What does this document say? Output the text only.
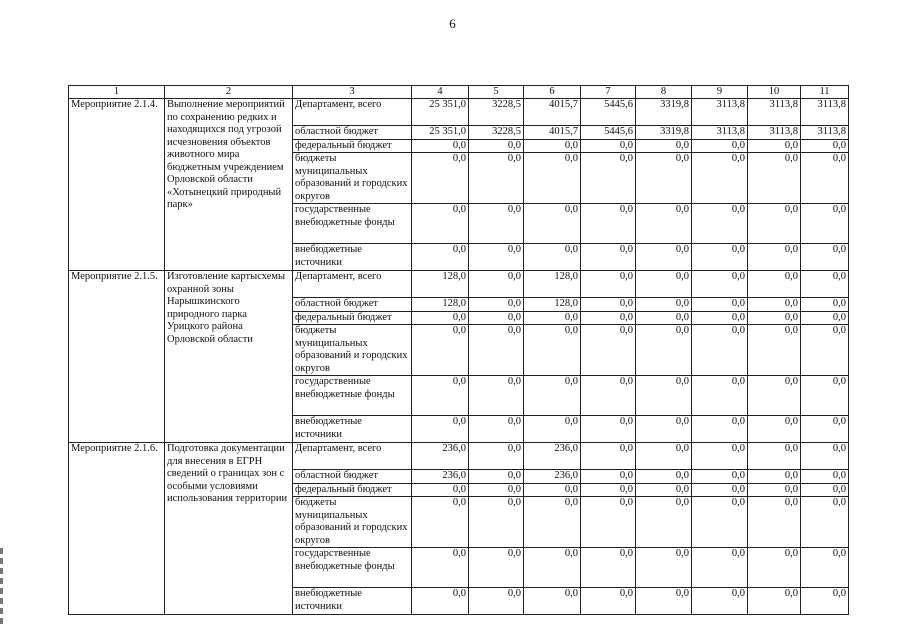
6
1	2	3	4	5	6	7	8	9	10	11
Мероприятие 2.1.4.	Выполнение мероприятий по сохранению редких и находящихся под угрозой исчезновения объектов животного мира бюджетным учреждением Орловской области «Хотынецкий природный парк»	Департамент, всего	25 351,0	3228,5	4015,7	5445,6	3319,8	3113,8	3113,8	3113,8
		областной бюджет	25 351,0	3228,5	4015,7	5445,6	3319,8	3113,8	3113,8	3113,8
		федеральный бюджет	0,0	0,0	0,0	0,0	0,0	0,0	0,0	0,0
		бюджеты муниципальных образований и городских округов	0,0	0,0	0,0	0,0	0,0	0,0	0,0	0,0
		государственные внебюджетные фонды	0,0	0,0	0,0	0,0	0,0	0,0	0,0	0,0
		внебюджетные источники	0,0	0,0	0,0	0,0	0,0	0,0	0,0	0,0
Мероприятие 2.1.5.	Изготовление картысхемы охранной зоны Нарышкинского природного парка Урицкого района Орловской области	Департамент, всего	128,0	0,0	128,0	0,0	0,0	0,0	0,0	0,0
		областной бюджет	128,0	0,0	128,0	0,0	0,0	0,0	0,0	0,0
		федеральный бюджет	0,0	0,0	0,0	0,0	0,0	0,0	0,0	0,0
		бюджеты муниципальных образований и городских округов	0,0	0,0	0,0	0,0	0,0	0,0	0,0	0,0
		государственные внебюджетные фонды	0,0	0,0	0,0	0,0	0,0	0,0	0,0	0,0
		внебюджетные источники	0,0	0,0	0,0	0,0	0,0	0,0	0,0	0,0
Мероприятие 2.1.6.	Подготовка документации для внесения в ЕГРН сведений о границах зон с особыми условиями использования территории	Департамент, всего	236,0	0,0	236,0	0,0	0,0	0,0	0,0	0,0
		областной бюджет	236,0	0,0	236,0	0,0	0,0	0,0	0,0	0,0
		федеральный бюджет	0,0	0,0	0,0	0,0	0,0	0,0	0,0	0,0
		бюджеты муниципальных образований и городских округов	0,0	0,0	0,0	0,0	0,0	0,0	0,0	0,0
		государственные внебюджетные фонды	0,0	0,0	0,0	0,0	0,0	0,0	0,0	0,0
		внебюджетные источники	0,0	0,0	0,0	0,0	0,0	0,0	0,0	0,0
